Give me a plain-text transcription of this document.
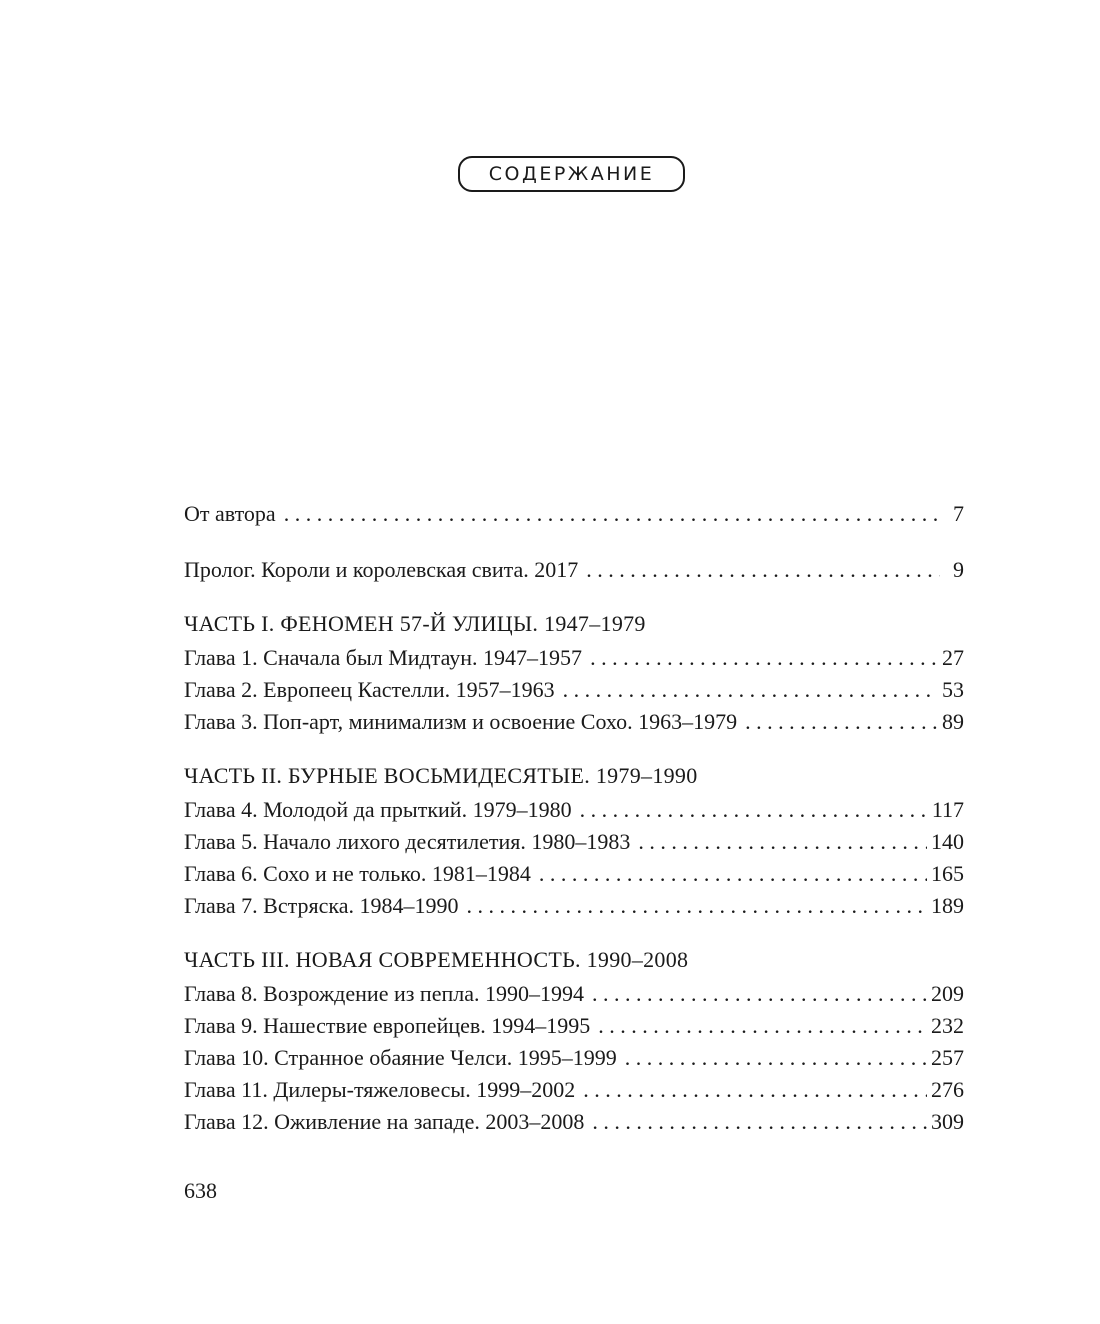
СОДЕРЖАНИЕ
От автора . . .	7
Пролог. Короли и королевская свита. 2017 . . .	9
ЧАСТЬ I. ФЕНОМЕН 57-Й УЛИЦЫ. 1947–1979
Глава 1. Сначала был Мидтаун. 1947–1957 . . .	27
Глава 2. Европеец Кастелли. 1957–1963 . . .	53
Глава 3. Поп-арт, минимализм и освоение Сохо. 1963–1979 . . .	89
ЧАСТЬ II. БУРНЫЕ ВОСЬМИДЕСЯТЫЕ. 1979–1990
Глава 4. Молодой да прыткий. 1979–1980 . . .	117
Глава 5. Начало лихого десятилетия. 1980–1983 . . .	140
Глава 6. Сохо и не только. 1981–1984 . . .	165
Глава 7. Встряска. 1984–1990 . . .	189
ЧАСТЬ III. НОВАЯ СОВРЕМЕННОСТЬ. 1990–2008
Глава 8. Возрождение из пепла. 1990–1994 . . .	209
Глава 9. Нашествие европейцев. 1994–1995 . . .	232
Глава 10. Странное обаяние Челси. 1995–1999 . . .	257
Глава 11. Дилеры-тяжеловесы. 1999–2002 . . .	276
Глава 12. Оживление на западе. 2003–2008 . . .	309
638
